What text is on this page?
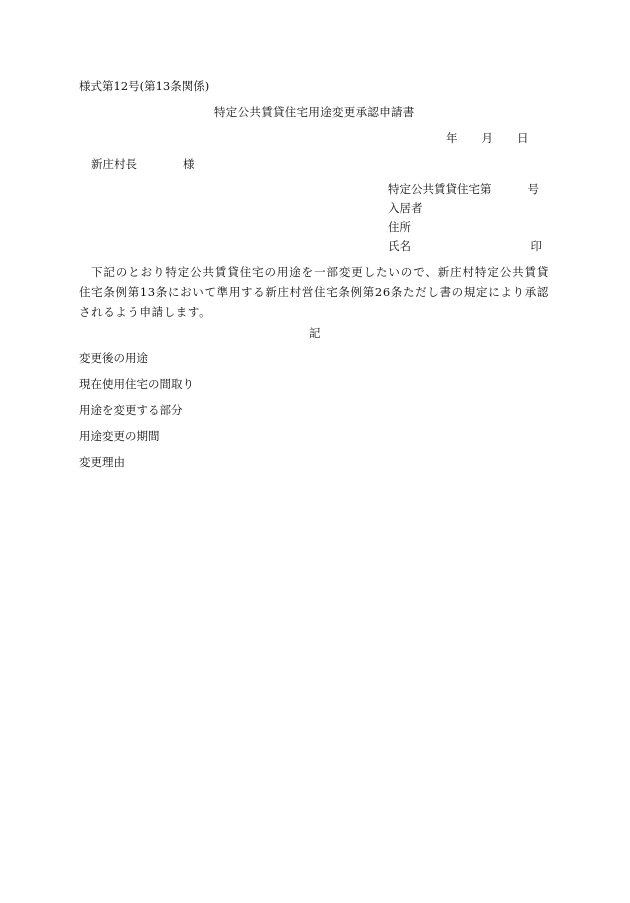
様式第12号(第13条関係)
特定公共賃貸住宅用途変更承認申請書
年 月 日
新庄村長	様
特定公共賃貸住宅第	号
入居者
住所
氏名	印
下記のとおり特定公共賃貸住宅の用途を一部変更したいので、新庄村特定公共賃貸住宅条例第13条において準用する新庄村営住宅条例第26条ただし書の規定により承認されるよう申請します。
記
変更後の用途
現在使用住宅の間取り
用途を変更する部分
用途変更の期間
変更理由
